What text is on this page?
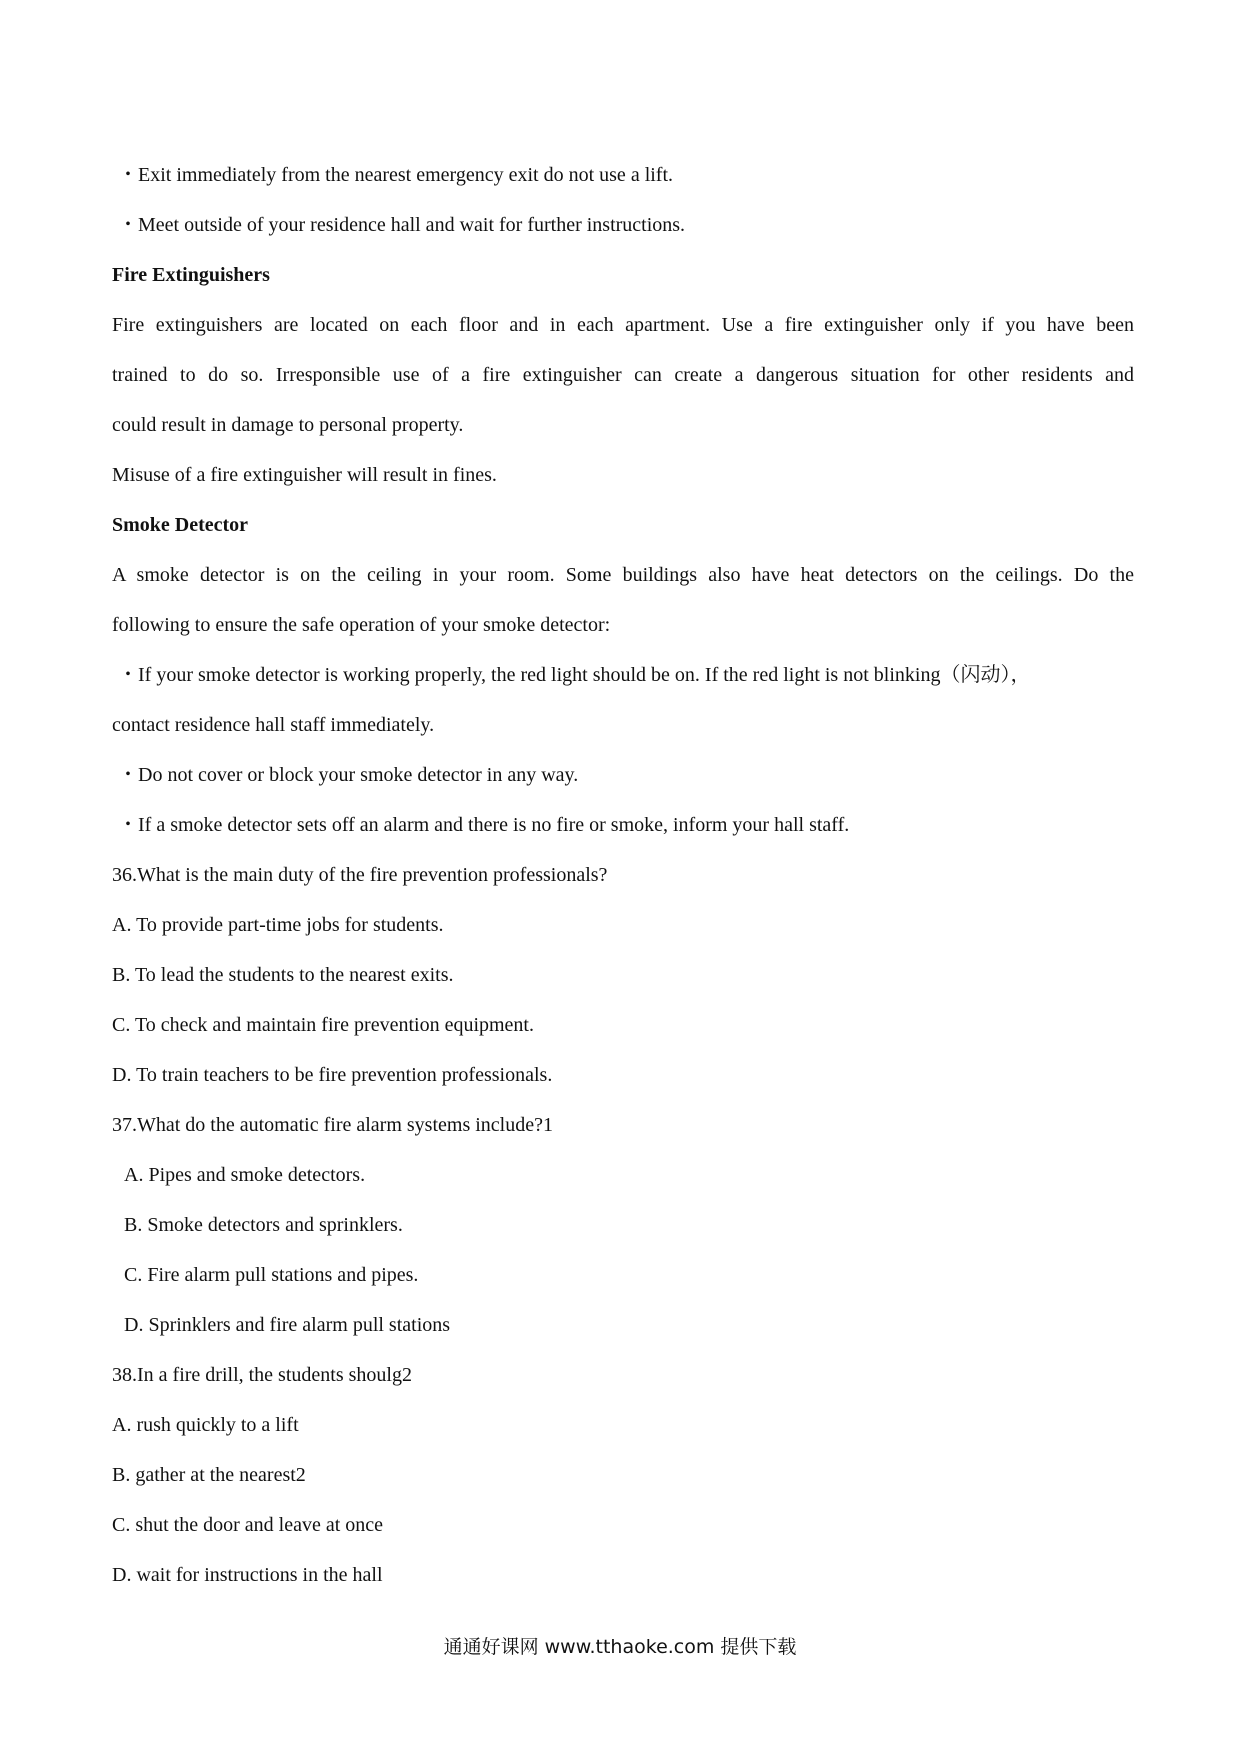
・Exit immediately from the nearest emergency exit do not use a lift.
・Meet outside of your residence hall and wait for further instructions.
Fire Extinguishers
Fire extinguishers are located on each floor and in each apartment. Use a fire extinguisher only if you have been
trained to do so. Irresponsible use of a fire extinguisher can create a dangerous situation for other residents and
could result in damage to personal property.
Misuse of a fire extinguisher will result in fines.
Smoke Detector
A smoke detector is on the ceiling in your room. Some buildings also have heat detectors on the ceilings. Do the
following to ensure the safe operation of your smoke detector:
・If your smoke detector is working properly, the red light should be on. If the red light is not blinking（闪动），
contact residence hall staff immediately.
・Do not cover or block your smoke detector in any way.
・If a smoke detector sets off an alarm and there is no fire or smoke, inform your hall staff.
36.What is the main duty of the fire prevention professionals?
A. To provide part-time jobs for students.
B. To lead the students to the nearest exits.
C. To check and maintain fire prevention equipment.
D. To train teachers to be fire prevention professionals.
37.What do the automatic fire alarm systems include?1
A. Pipes and smoke detectors.
B. Smoke detectors and sprinklers.
C. Fire alarm pull stations and pipes.
D. Sprinklers and fire alarm pull stations
38.In a fire drill, the students shoulg2
A. rush quickly to a lift
B. gather at the nearest2
C. shut the door and leave at once
D. wait for instructions in the hall
通通好课网 www.tthaoke.com 提供下载
